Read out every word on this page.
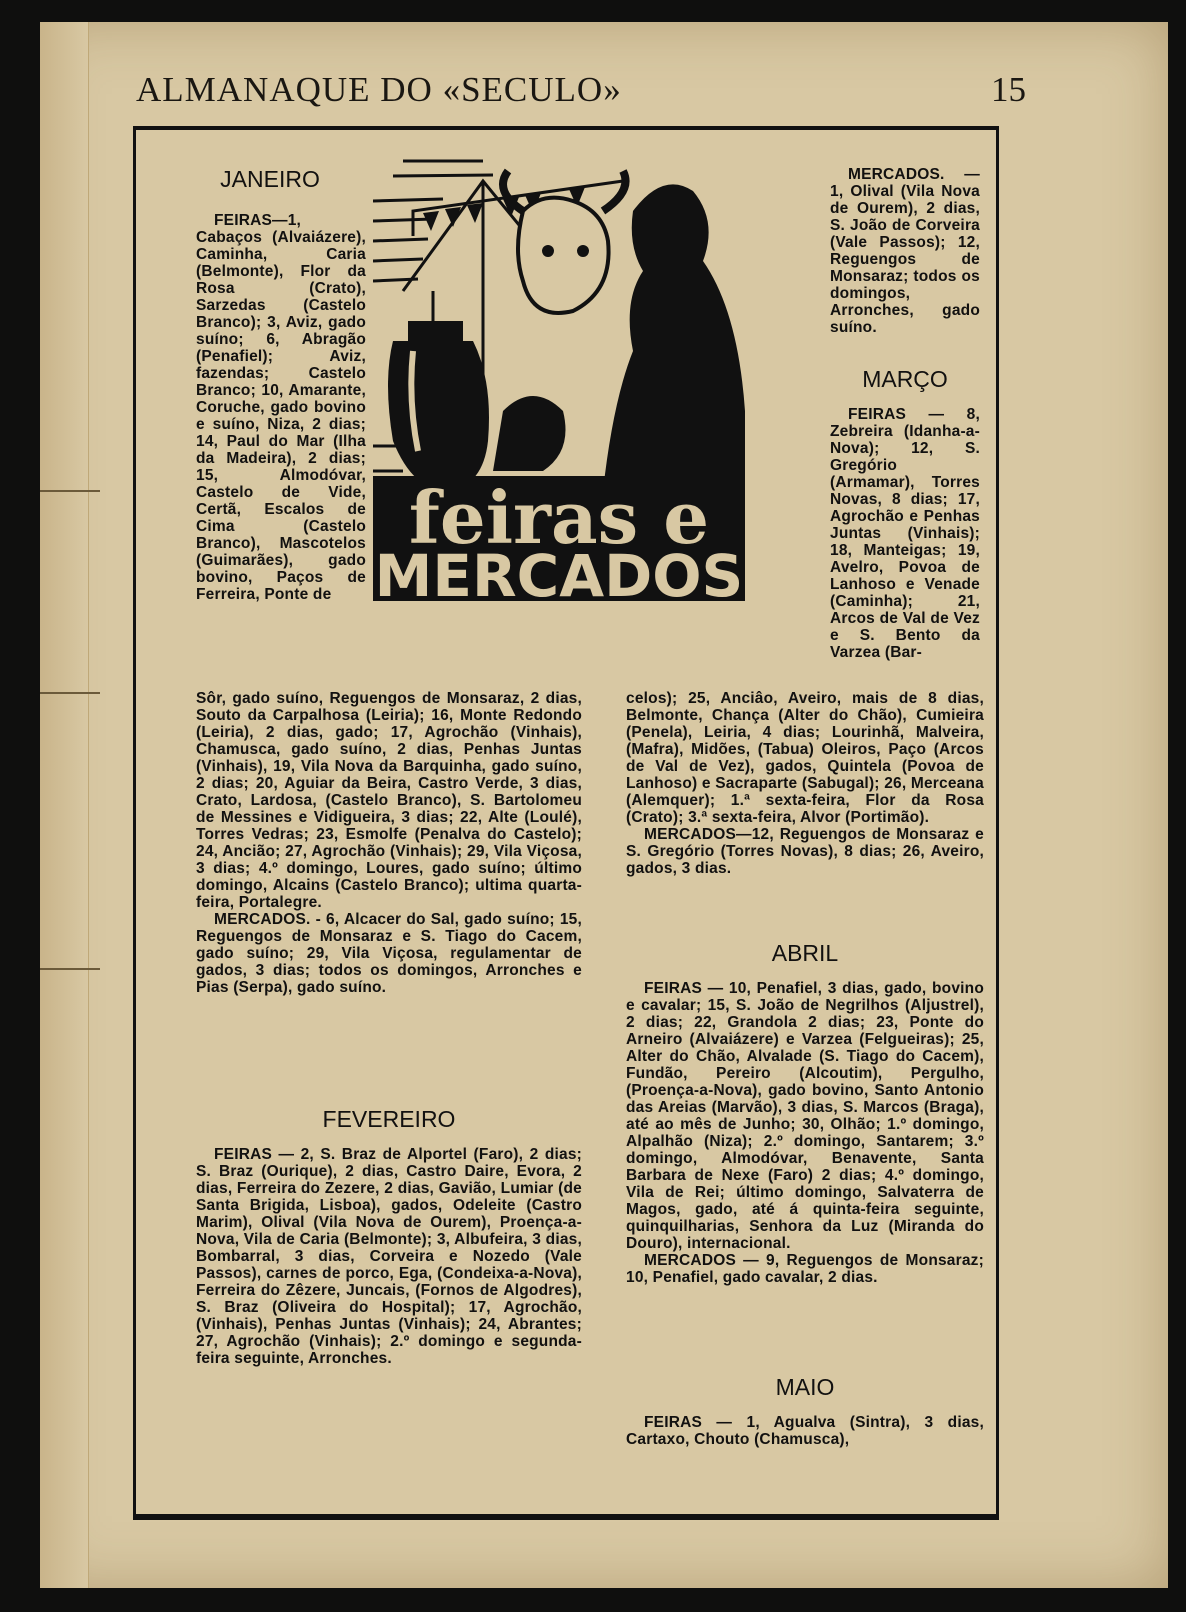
ALMANAQUE DO «SECULO»	15
feiras e
MERCADOS
JANEIRO

FEIRAS—1, Cabaços (Alvaiázere), Caminha, Caria (Belmonte), Flor da Rosa (Crato), Sarzedas (Castelo Branco); 3, Aviz, gado suíno; 6, Abragão (Penafiel); Aviz, fazendas; Castelo Branco; 10, Amarante, Coruche, gado bovino e suíno, Niza, 2 dias; 14, Paul do Mar (Ilha da Madeira), 2 dias; 15, Almodóvar, Castelo de Vide, Certã, Escalos de Cima (Castelo Branco), Mascotelos (Guimarães), gado bovino, Paços de Ferreira, Ponte de

Sôr, gado suíno, Reguengos de Monsaraz, 2 dias, Souto da Carpalhosa (Leiria); 16, Monte Redondo (Leiria), 2 dias, gado; 17, Agrochão (Vinhais), Chamusca, gado suíno, 2 dias, Penhas Juntas (Vinhais), 19, Vila Nova da Barquinha, gado suíno, 2 dias; 20, Aguiar da Beira, Castro Verde, 3 dias, Crato, Lardosa, (Castelo Branco), S. Bartolomeu de Messines e Vidigueira, 3 dias; 22, Alte (Loulé), Torres Vedras; 23, Esmolfe (Penalva do Castelo); 24, Ancião; 27, Agrochão (Vinhais); 29, Vila Viçosa, 3 dias; 4.º domingo, Loures, gado suíno; último domingo, Alcains (Castelo Branco); ultima quarta-feira, Portalegre.

MERCADOS. - 6, Alcacer do Sal, gado suíno; 15, Reguengos de Monsaraz e S. Tiago do Cacem, gado suíno; 29, Vila Viçosa, regulamentar de gados, 3 dias; todos os domingos, Arronches e Pias (Serpa), gado suíno.

FEVEREIRO

FEIRAS — 2, S. Braz de Alportel (Faro), 2 dias; S. Braz (Ourique), 2 dias, Castro Daire, Evora, 2 dias, Ferreira do Zezere, 2 dias, Gavião, Lumiar (de Santa Brigida, Lisboa), gados, Odeleite (Castro Marim), Olival (Vila Nova de Ourem), Proença-a-Nova, Vila de Caria (Belmonte); 3, Albufeira, 3 dias, Bombarral, 3 dias, Corveira e Nozedo (Vale Passos), carnes de porco, Ega, (Condeixa-a-Nova), Ferreira do Zêzere, Juncais, (Fornos de Algodres), S. Braz (Oliveira do Hospital); 17, Agrochão, (Vinhais), Penhas Juntas (Vinhais); 24, Abrantes; 27, Agrochão (Vinhais); 2.º domingo e segunda-feira seguinte, Arronches.

MERCADOS. — 1, Olival (Vila Nova de Ourem), 2 dias, S. João de Corveira (Vale Passos); 12, Reguengos de Monsaraz; todos os domingos, Arronches, gado suíno.

MARÇO

FEIRAS — 8, Zebreira (Idanha-a-Nova); 12, S. Gregório (Armamar), Torres Novas, 8 dias; 17, Agrochão e Penhas Juntas (Vinhais); 18, Manteigas; 19, Avelro, Povoa de Lanhoso e Venade (Caminha); 21, Arcos de Val de Vez e S. Bento da Varzea (Bar-

celos); 25, Anciâo, Aveiro, mais de 8 dias, Belmonte, Chança (Alter do Chão), Cumieira (Penela), Leiria, 4 dias; Lourinhã, Malveira, (Mafra), Midões, (Tabua) Oleiros, Paço (Arcos de Val de Vez), gados, Quintela (Povoa de Lanhoso) e Sacraparte (Sabugal); 26, Merceana (Alemquer); 1.ª sexta-feira, Flor da Rosa (Crato); 3.ª sexta-feira, Alvor (Portimão).

MERCADOS—12, Reguengos de Monsaraz e S. Gregório (Torres Novas), 8 dias; 26, Aveiro, gados, 3 dias.

ABRIL

FEIRAS — 10, Penafiel, 3 dias, gado, bovino e cavalar; 15, S. João de Negrilhos (Aljustrel), 2 dias; 22, Grandola 2 dias; 23, Ponte do Arneiro (Alvaiázere) e Varzea (Felgueiras); 25, Alter do Chão, Alvalade (S. Tiago do Cacem), Fundão, Pereiro (Alcoutim), Pergulho, (Proença-a-Nova), gado bovino, Santo Antonio das Areias (Marvão), 3 dias, S. Marcos (Braga), até ao mês de Junho; 30, Olhão; 1.º domingo, Alpalhão (Niza); 2.º domingo, Santarem; 3.º domingo, Almodóvar, Benavente, Santa Barbara de Nexe (Faro) 2 dias; 4.º domingo, Vila de Rei; último domingo, Salvaterra de Magos, gado, até á quinta-feira seguinte, quinquilharias, Senhora da Luz (Miranda do Douro), internacional.

MERCADOS — 9, Reguengos de Monsaraz; 10, Penafiel, gado cavalar, 2 dias.

MAIO

FEIRAS — 1, Agualva (Sintra), 3 dias, Cartaxo, Chouto (Chamusca),
